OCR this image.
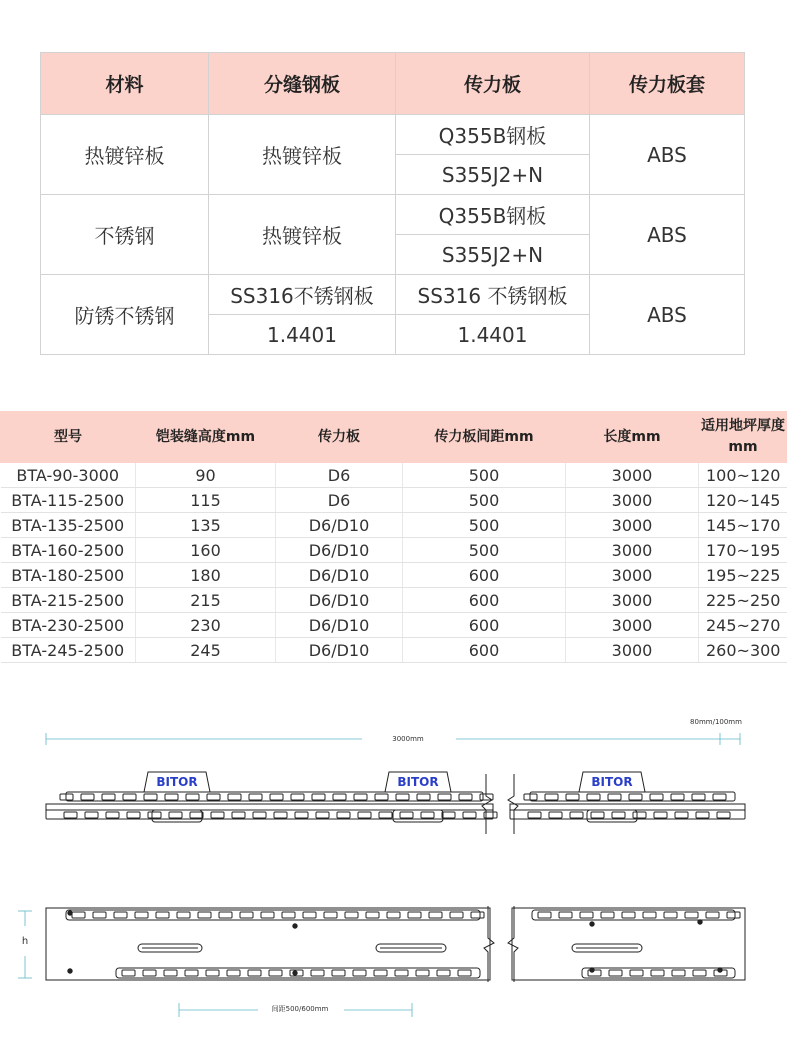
材料	分缝钢板	传力板	传力板套
热镀锌板	热镀锌板	Q355B钢板	ABS
		S355J2+N	
不锈钢	热镀锌板	Q355B钢板	ABS
		S355J2+N	
防锈不锈钢	SS316不锈钢板	SS316 不锈钢板	ABS
	1.4401	1.4401	
型号	铠装缝高度mm	传力板	传力板间距mm	长度mm	适用地坪厚度mm
BTA-90-3000	90	D6	500	3000	100~120
BTA-115-2500	115	D6	500	3000	120~145
BTA-135-2500	135	D6/D10	500	3000	145~170
BTA-160-2500	160	D6/D10	500	3000	170~195
BTA-180-2500	180	D6/D10	600	3000	195~225
BTA-215-2500	215	D6/D10	600	3000	225~250
BTA-230-2500	230	D6/D10	600	3000	245~270
BTA-245-2500	245	D6/D10	600	3000	260~300
3000mm
80mm/100mm
BITOR	BITOR	BITOR
h
间距500/600mm
